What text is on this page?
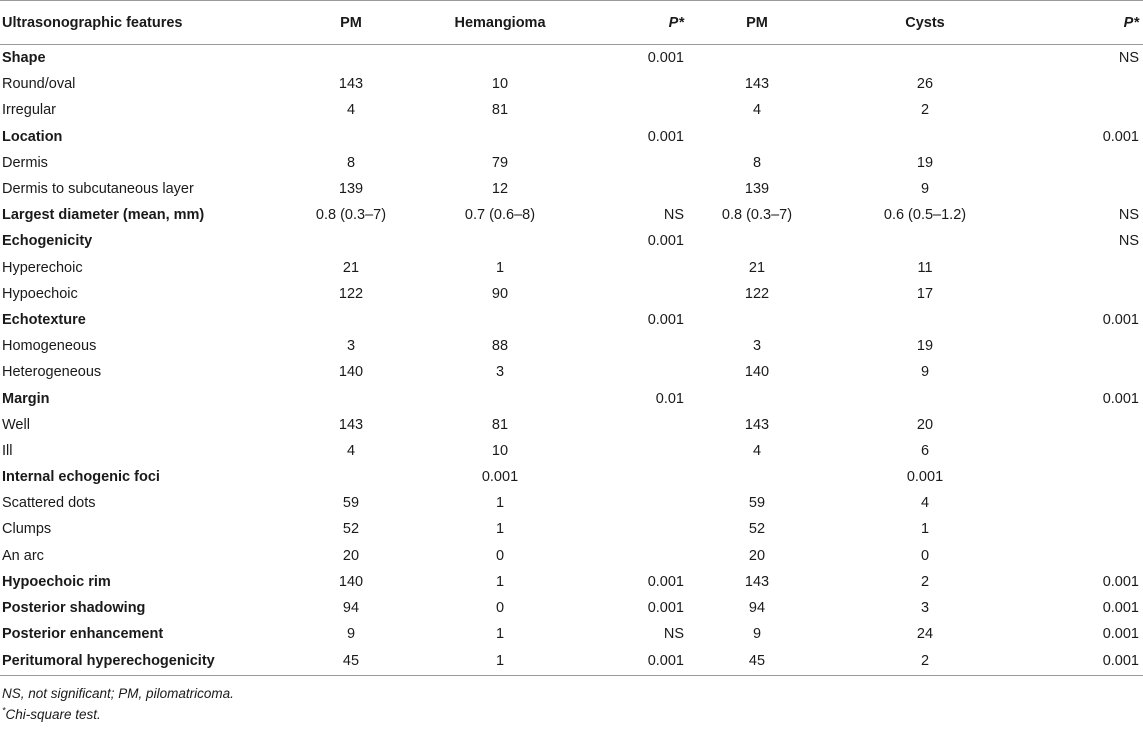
Ultrasonographic features	PM	Hemangioma	P*	PM	Cysts	P*
Shape			0.001			NS
Round/oval	143	10		143	26	
Irregular	4	81		4	2	
Location			0.001			0.001
Dermis	8	79		8	19	
Dermis to subcutaneous layer	139	12		139	9	
Largest diameter (mean, mm)	0.8 (0.3–7)	0.7 (0.6–8)	NS	0.8 (0.3–7)	0.6 (0.5–1.2)	NS
Echogenicity			0.001			NS
Hyperechoic	21	1		21	11	
Hypoechoic	122	90		122	17	
Echotexture			0.001			0.001
Homogeneous	3	88		3	19	
Heterogeneous	140	3		140	9	
Margin			0.01			0.001
Well	143	81		143	20	
Ill	4	10		4	6	
Internal echogenic foci		0.001			0.001	
Scattered dots	59	1		59	4	
Clumps	52	1		52	1	
An arc	20	0		20	0	
Hypoechoic rim	140	1	0.001	143	2	0.001
Posterior shadowing	94	0	0.001	94	3	0.001
Posterior enhancement	9	1	NS	9	24	0.001
Peritumoral hyperechogenicity	45	1	0.001	45	2	0.001
NS, not significant; PM, pilomatricoma.
*Chi-square test.
